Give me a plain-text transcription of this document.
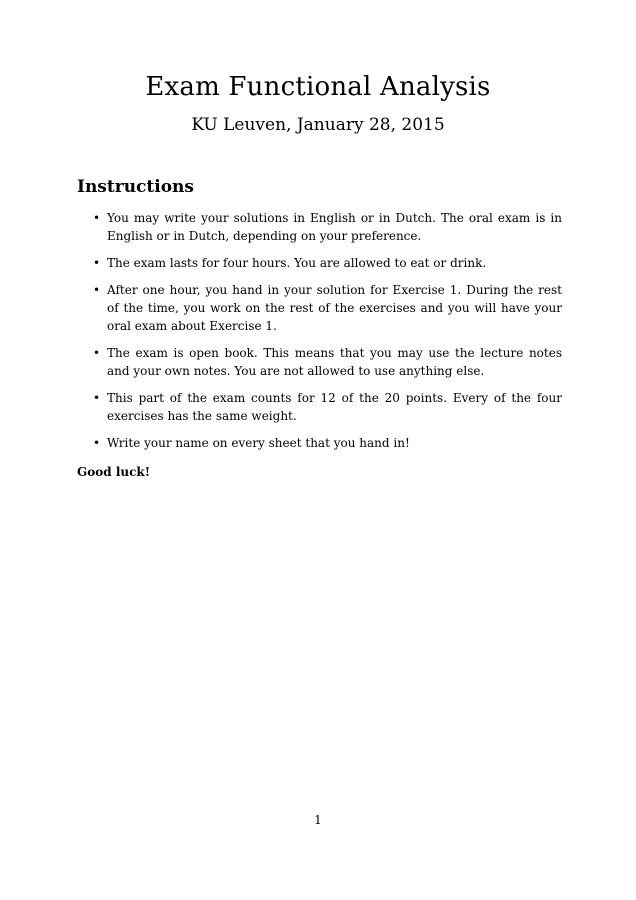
Exam Functional Analysis

KU Leuven, January 28, 2015

Instructions
• You may write your solutions in English or in Dutch. The oral exam is in English or in Dutch, depending on your preference.
• The exam lasts for four hours. You are allowed to eat or drink.
• After one hour, you hand in your solution for Exercise 1. During the rest of the time, you work on the rest of the exercises and you will have your oral exam about Exercise 1.
• The exam is open book. This means that you may use the lecture notes and your own notes. You are not allowed to use anything else.
• This part of the exam counts for 12 of the 20 points. Every of the four exercises has the same weight.
• Write your name on every sheet that you hand in!

Good luck!

1
